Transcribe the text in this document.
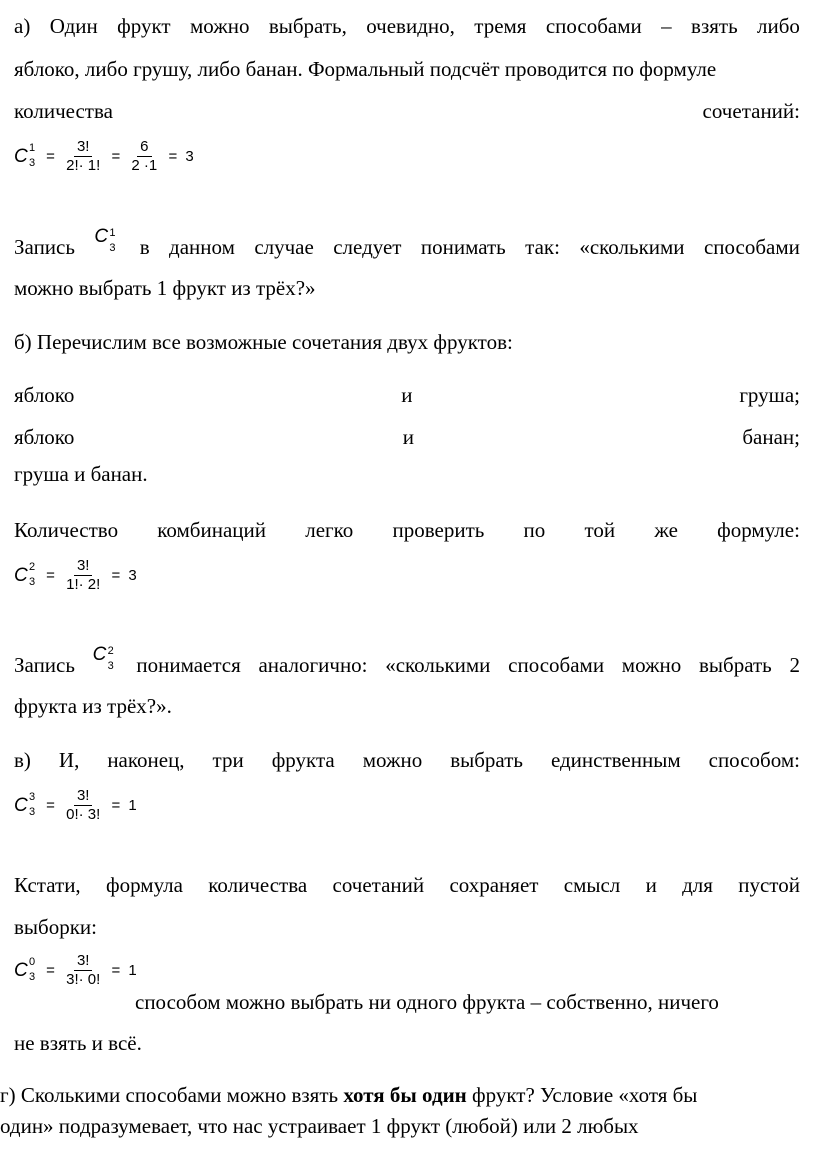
а) Один фрукт можно выбрать, очевидно, тремя способами – взять либо
яблоко, либо грушу, либо банан. Формальный подсчёт проводится по формуле
количества	сочетаний:
C 1
$3 = \frac{3!}{2!\cdot 1!} = \frac{6}{2 \cdot 1} = 3$
Запись C 1
3 в данном случае следует понимать так: «сколькими способами
можно выбрать 1 фрукт из трёх?»
б) Перечислим все возможные сочетания двух фруктов:
яблоко	и	груша;
яблоко	и	банан;
груша и банан.
Количество комбинаций легко проверить по той же формуле:
C 2
$3 = \frac{3!}{1!\cdot 2!} = 3$
Запись C 2
3 понимается аналогично: «сколькими способами можно выбрать 2
фрукта из трёх?».
в) И, наконец, три фрукта можно выбрать единственным способом:
C 3
$3 = \frac{3!}{0!\cdot 3!} = 1$
Кстати, формула количества сочетаний сохраняет смысл и для пустой
выборки:
C 0
$3 = \frac{3!}{3!\cdot 0!} = 1$
способом можно выбрать ни одного фрукта – собственно, ничего
не взять и всё.
г) Сколькими способами можно взять хотя бы один фрукт? Условие «хотя бы
один» подразумевает, что нас устраивает 1 фрукт (любой) или 2 любых
